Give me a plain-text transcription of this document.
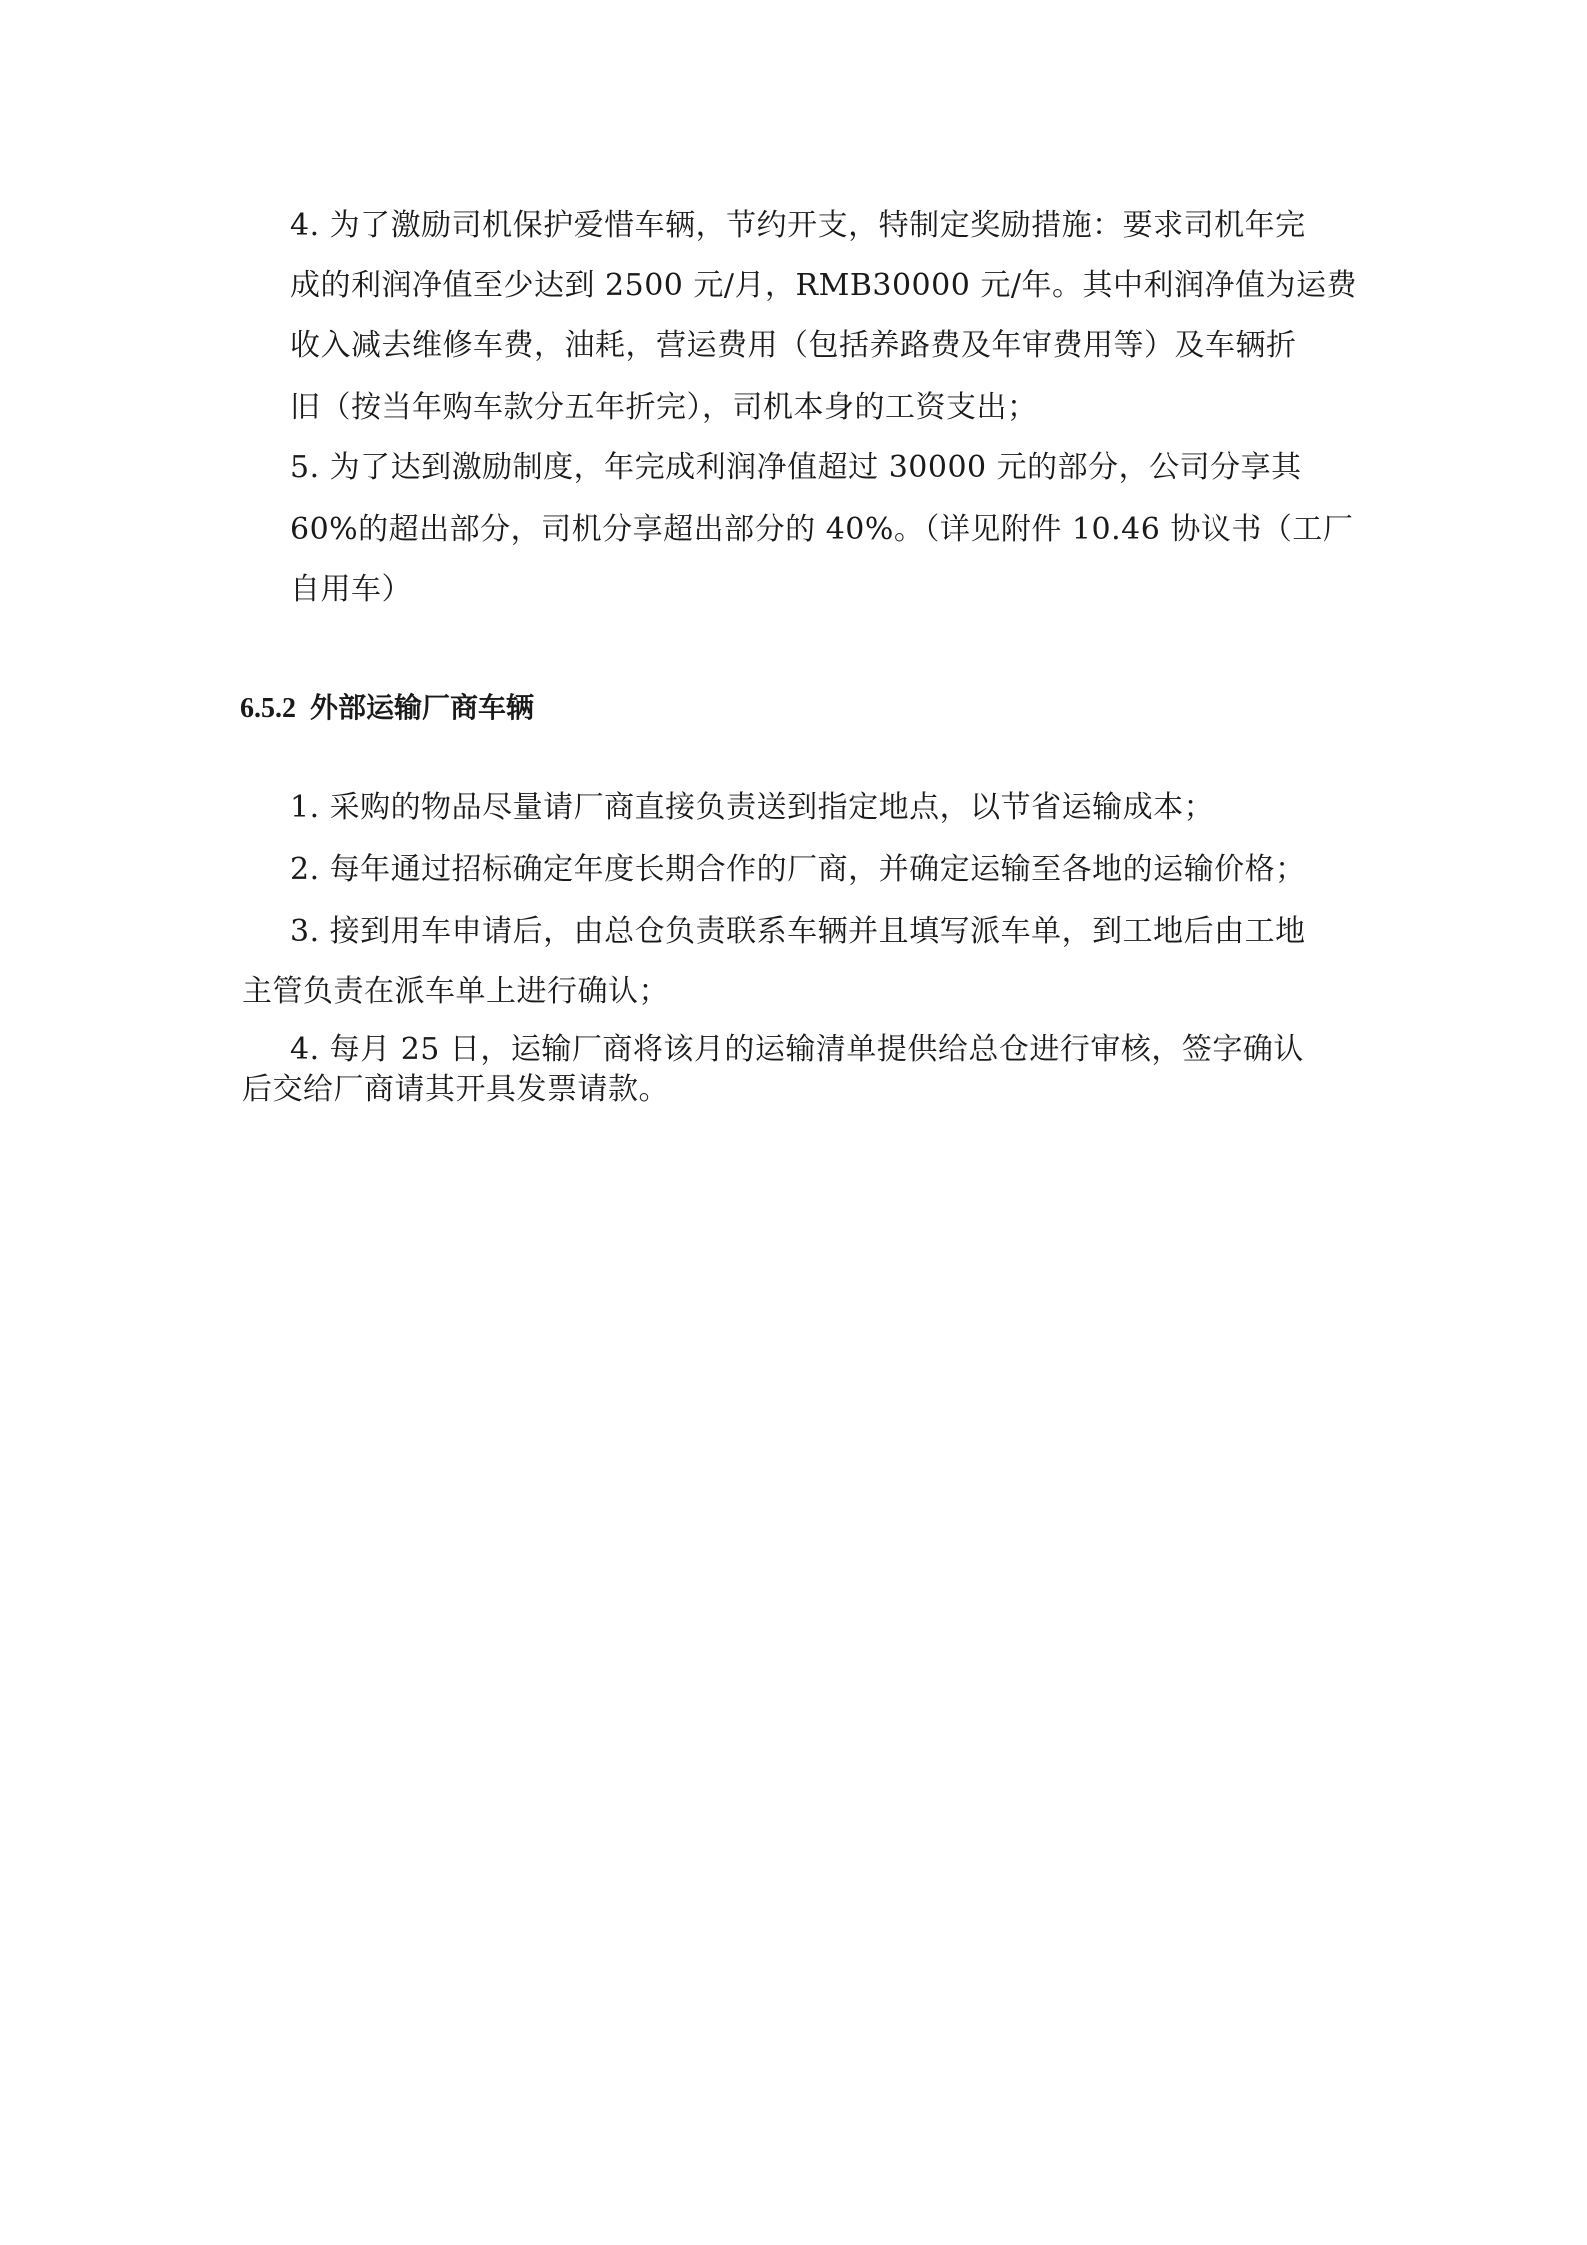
4. 为了激励司机保护爱惜车辆，节约开支，特制定奖励措施：要求司机年完
成的利润净值至少达到 2500 元/月，RMB30000 元/年。其中利润净值为运费
收入减去维修车费，油耗，营运费用（包括养路费及年审费用等）及车辆折
旧（按当年购车款分五年折完），司机本身的工资支出；
5. 为了达到激励制度，年完成利润净值超过 30000 元的部分，公司分享其
60%的超出部分，司机分享超出部分的 40%。（详见附件 10.46 协议书（工厂
自用车）
6.5.2 外部运输厂商车辆
1. 采购的物品尽量请厂商直接负责送到指定地点，以节省运输成本；
2. 每年通过招标确定年度长期合作的厂商，并确定运输至各地的运输价格；
3. 接到用车申请后，由总仓负责联系车辆并且填写派车单，到工地后由工地
主管负责在派车单上进行确认；
4. 每月 25 日，运输厂商将该月的运输清单提供给总仓进行审核，签字确认
后交给厂商请其开具发票请款。
